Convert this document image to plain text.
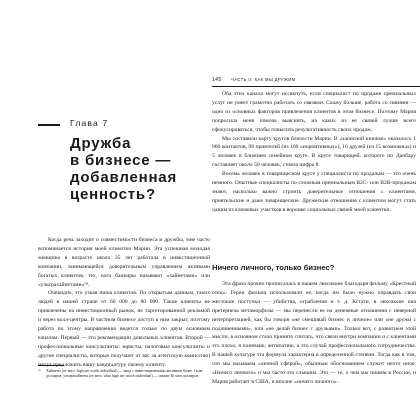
Глава 7
Дружба
в бизнесе —
добавленная
ценность?

Когда речь заходит о совместимости бизнеса и дружбы, мне часто вспоминается история моей клиентки Марии. Эта успешная молодая женщина в возрасте около 35 лет работала в инвестиционной компании, занимающейся доверительным управлением активами богатых клиентов, тех, кого банкиры называют «хайнетами» или «ультрахайнетами»¹⁸.

Очевидно, это узкая ниша клиентов. По открытым данным, таких людей в нашей стране от 60 000 до 80 000. Такие клиенты не привлечены на инвестиционный рынок, не таргетированной рекламой и через колл-центры. В частном бизнесе доступ к ним закрыт, поэтому работа по этому направлению ведется только по двум основным каналам. Первый — это рекомендации довольных клиентов. Второй — профессиональные консультанты: юристы, налоговые консультанты и другие специалисты, которые получают от вас за агентскую комиссию) могут предложить вашу кандидатуру своему клиенту.

¹⁸ Хайнеты (от англ. high net worth individual) — лица с инвестиционными активами более 1 млн долларов; ультрахайнеты (от англ. ultra high net worth individual) — свыше 30 млн долларов.
145 ЧАСТЬ II. КАК МЫ ДРУЖИМ

Оба этих канала могут иссякнуть, если специалист по продаже премиальных услуг не умеет грамотно работать со связями. Скажу больше, работа со связями — одно из основных факторов привлечения клиентов в этом бизнесе. Поэтому Мария попросила меня помочь выяснить, на каких из ее связей лучше всего сфокусироваться, чтобы повысить результативность своих продаж.

Мы составили карту кругов близости Марии. В «записной книжке» оказалось 1 900 контактов, 98 приятелей (из 100 «нормативных»), 16 друзей (из 15 возможных) и 5 человек в ближнем семейном круге. В круге товарищей, которого по Данбару составляет около 50 человек, стояла цифра 8.

Восемь человек в товарищеском круге у специалиста по продажам — это очень немного. Опытные специалисты по сложным премиальным B2C- или B2B-продажам знают, насколько важно строить доверительные отношения с клиентами, приятельские и даже товарищеские. Дружеские отношения с клиентом могут стать одним из ключевых участков в воронке социальных связей моей клиентки.

Ничего личного, только бизнес?

Эта фраза прочно прописалась в нашем лексиконе благодаря фильму «Крестный отец». Герои фильма использовали ее, когда им было нужно оправдать свои жестокие поступки — убийства, ограбления и т. д. Кстати, в лексиконе она претерпела метаморфозы — мы перенесли ее на денежные отношения с неверной интерпретацией, как бы говоря «не смешивай бизнес и личное» или «не дружи с подчиненными», или «не делай бизнес с друзьями». Только вот, с развитием этой мысли, в основном стало принято считать, что связи внутри компании и с клиентами это плохо, я понимаю, антипатию, а это случай профессионального сотрудничества. В нашей культуре эта формула характерна в определенной степени. Тогда как в том, что мы называем «личной сферой», обычным обоснованием служит нечто иное: «Ничего личного» и мы часто это слышим. Это — те, о чем мы пишем в России, и Мария работает в США, и вполне «ничего личного».
